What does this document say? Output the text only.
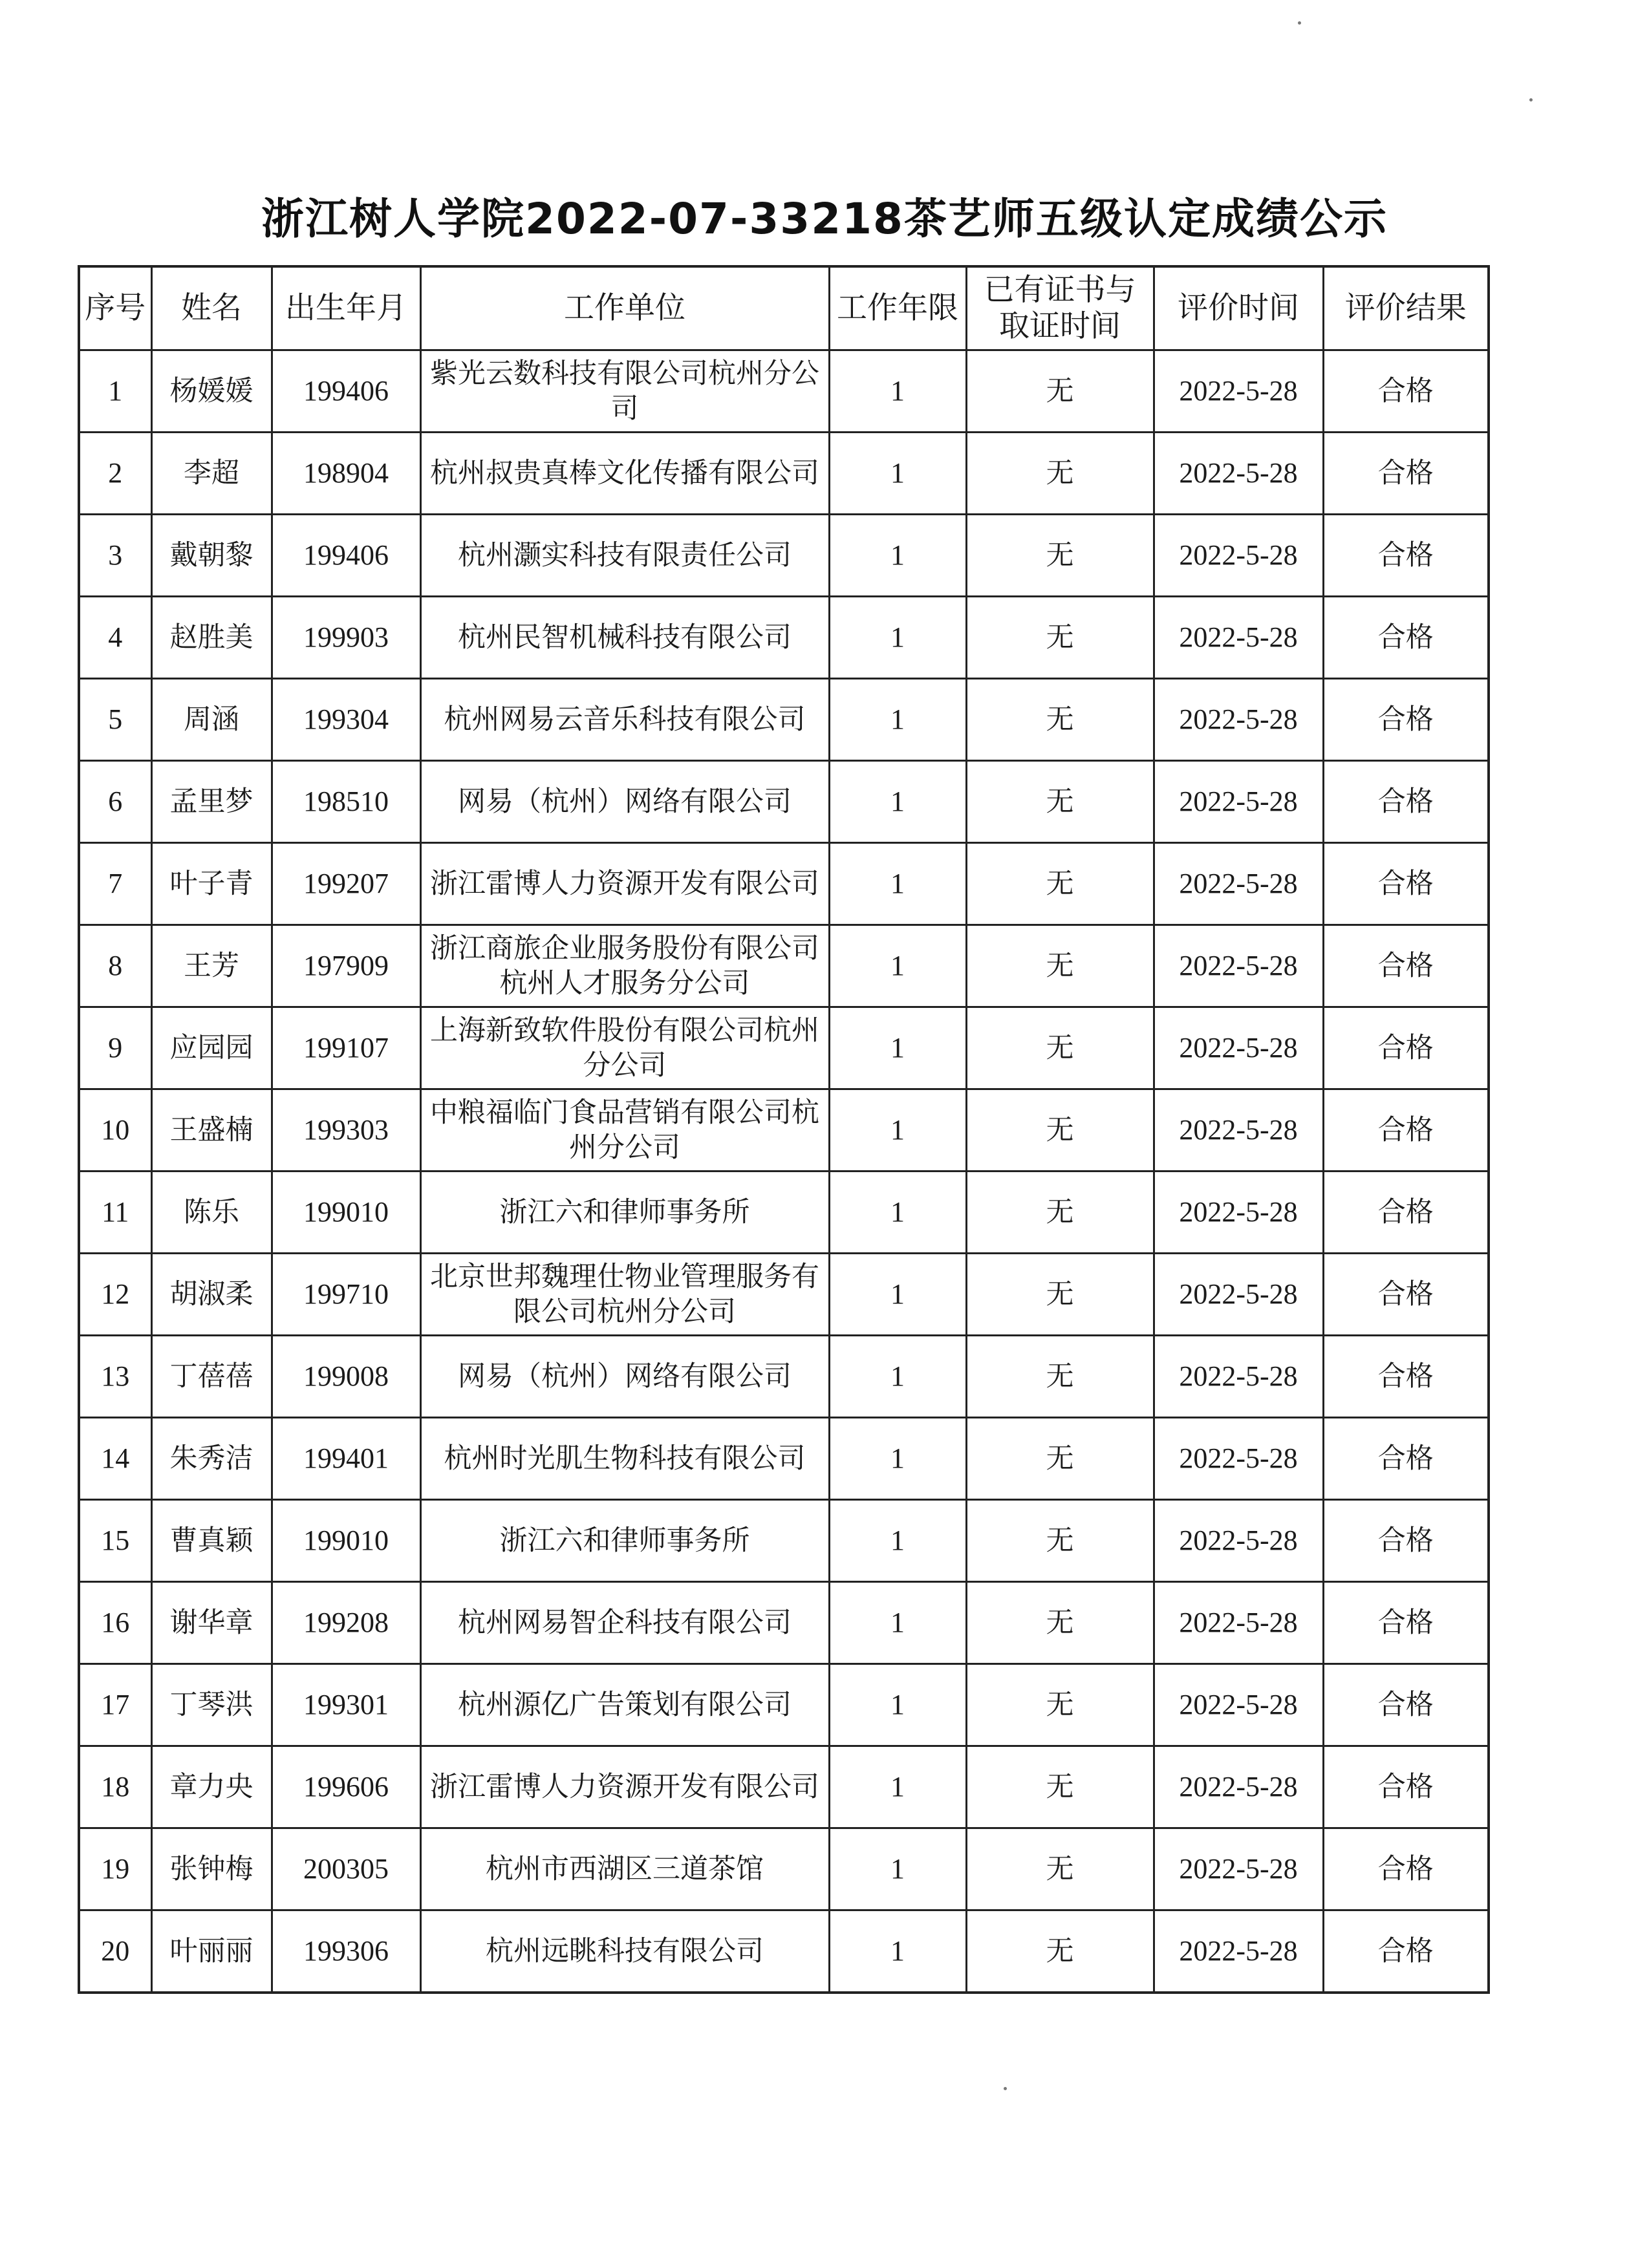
浙江树人学院2022-07-33218茶艺师五级认定成绩公示
序号	姓名	出生年月	工作单位	工作年限	已有证书与取证时间	评价时间	评价结果
1	杨媛媛	199406	紫光云数科技有限公司杭州分公司	1	无	2022-5-28	合格
2	李超	198904	杭州叔贵真棒文化传播有限公司	1	无	2022-5-28	合格
3	戴朝黎	199406	杭州灏实科技有限责任公司	1	无	2022-5-28	合格
4	赵胜美	199903	杭州民智机械科技有限公司	1	无	2022-5-28	合格
5	周涵	199304	杭州网易云音乐科技有限公司	1	无	2022-5-28	合格
6	孟里梦	198510	网易（杭州）网络有限公司	1	无	2022-5-28	合格
7	叶子青	199207	浙江雷博人力资源开发有限公司	1	无	2022-5-28	合格
8	王芳	197909	浙江商旅企业服务股份有限公司杭州人才服务分公司	1	无	2022-5-28	合格
9	应园园	199107	上海新致软件股份有限公司杭州分公司	1	无	2022-5-28	合格
10	王盛楠	199303	中粮福临门食品营销有限公司杭州分公司	1	无	2022-5-28	合格
11	陈乐	199010	浙江六和律师事务所	1	无	2022-5-28	合格
12	胡淑柔	199710	北京世邦魏理仕物业管理服务有限公司杭州分公司	1	无	2022-5-28	合格
13	丁蓓蓓	199008	网易（杭州）网络有限公司	1	无	2022-5-28	合格
14	朱秀洁	199401	杭州时光肌生物科技有限公司	1	无	2022-5-28	合格
15	曹真颖	199010	浙江六和律师事务所	1	无	2022-5-28	合格
16	谢华章	199208	杭州网易智企科技有限公司	1	无	2022-5-28	合格
17	丁琴洪	199301	杭州源亿广告策划有限公司	1	无	2022-5-28	合格
18	章力央	199606	浙江雷博人力资源开发有限公司	1	无	2022-5-28	合格
19	张钟梅	200305	杭州市西湖区三道茶馆	1	无	2022-5-28	合格
20	叶丽丽	199306	杭州远眺科技有限公司	1	无	2022-5-28	合格
